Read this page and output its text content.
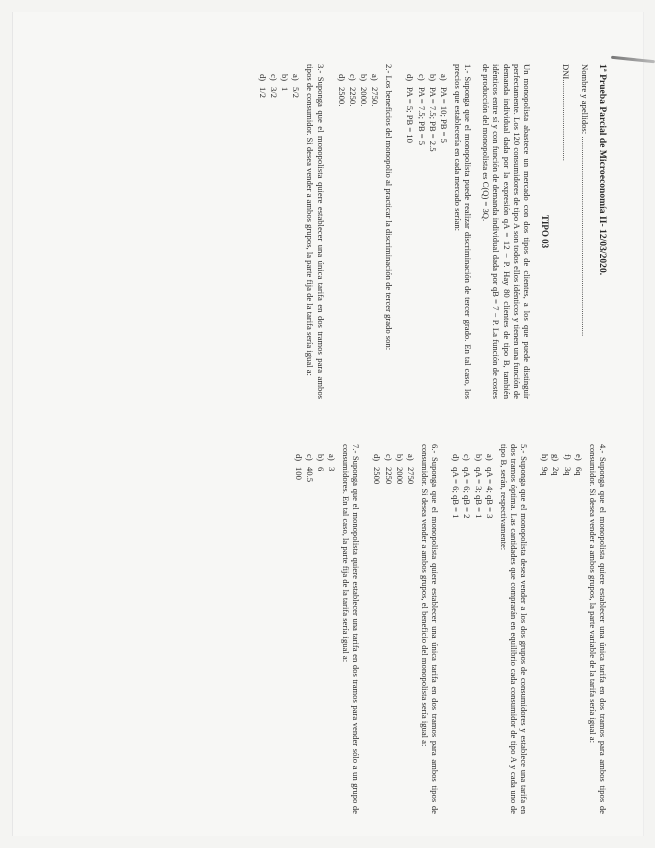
1ª Prueba Parcial de Microeconomía II- 12/03/2020.
Nombre y apellidos: .............................................................................................
DNI......................................
TIPO 03

Un monopolista abastece un mercado con dos tipos de clientes, a los que puede distinguir perfectamente. Los 120 consumidores de tipo A son todos ellos idénticos y tienen una función de demanda individual dada por la expresión qA = 12 − P. Hay 80 clientes de tipo B, también idénticos entre sí y con función de demanda individual dada por qB = 7 − P. La función de costes de producción del monopolista es C(Q) = 3Q.

1.- Suponga que el monopolista puede realizar discriminación de tercer grado. En tal caso, los precios que establecería en cada mercado serían:
a)PA = 10; PB = 5
b)PA = 7.5; PB = 2.5
c)PA = 7.5; PB = 5
d)PA = 5; PB = 10
2.- Los beneficios del monopolio al practicar la discriminación de tercer grado son:
a)2750.
b)2000.
c)2250.
d)2500.
3.- Suponga que el monopolista quiere establecer una única tarifa en dos tramos para ambos tipos de consumidor. Si desea vender a ambos grupos, la parte fija de la tarifa sería igual a:
a)5/2
b)1
c)3/2
d)1/2
4.- Suponga que el monopolista quiere establecer una única tarifa en dos tramos para ambos tipos de consumidor. Si desea vender a ambos grupos, la parte variable de la tarifa sería igual a:
e)6q
f)3q
g)2q
h)9q
5.- Suponga que el monopolista desea vender a los dos grupos de consumidores y establece una tarifa en dos tramos óptima. Las cantidades que comprarán en equilibrio cada consumidor de tipo A y cada uno de tipo B, serán, respectivamente:
a)qA = 4; qB = 3
b)qA = 3; qB = 1
c)qA = 6; qB = 2
d)qA = 6; qB = 1
6.- Suponga que el monopolista quiere establecer una única tarifa en dos tramos para ambos tipos de consumidor. Si desea vender a ambos grupos, el beneficio del monopolista sería igual a:
a)2750
b)2000
c)2250
d)2500
7.- Suponga que el monopolista quiere establecer una tarifa en dos tramos para vender sólo a un grupo de consumidores. En tal caso, la parte fija de la tarifa sería igual a:
a)3
b)6
c)40.5
d)100
